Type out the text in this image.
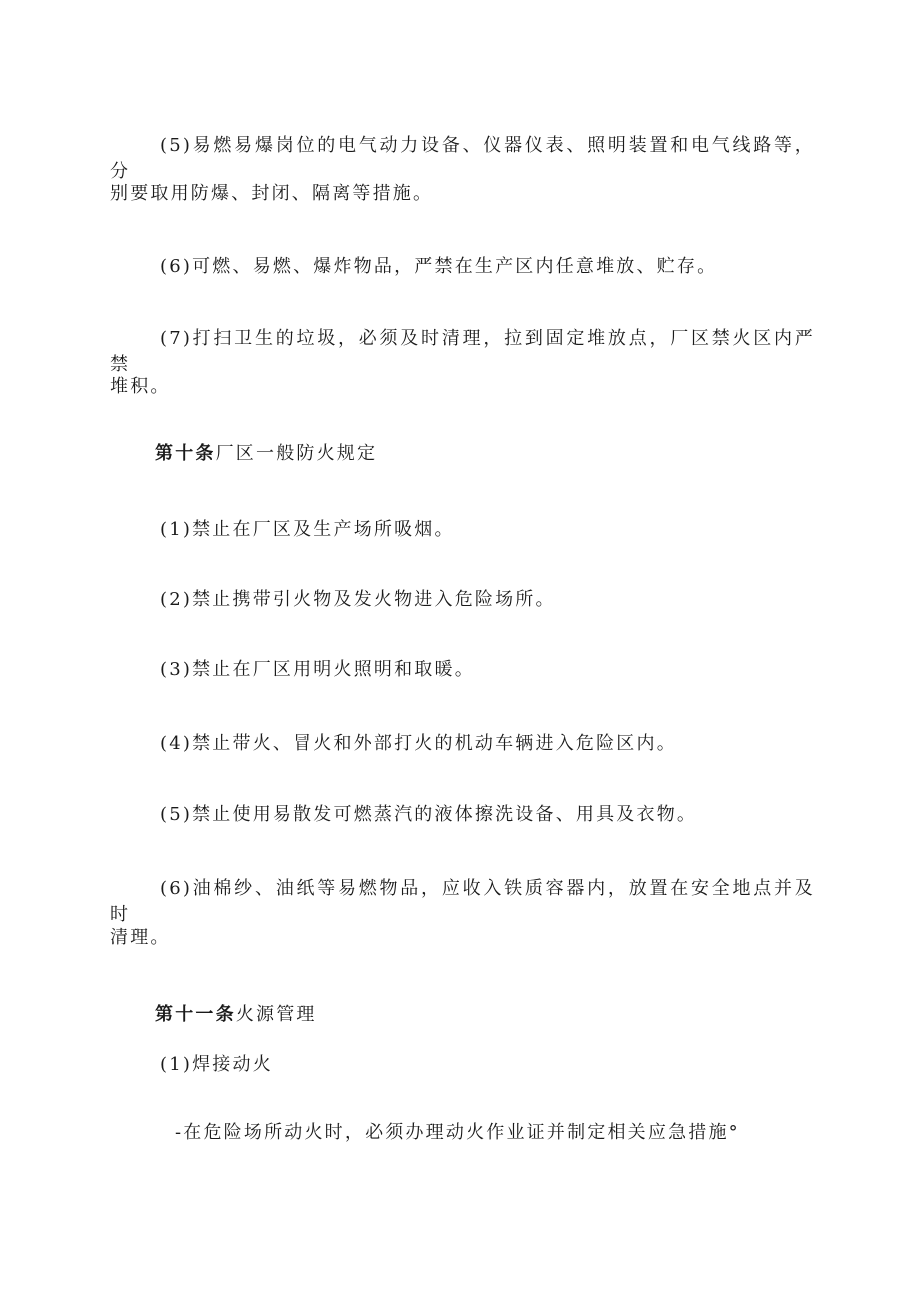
(5)易燃易爆岗位的电气动力设备、仪器仪表、照明装置和电气线路等，分
别要取用防爆、封闭、隔离等措施。
(6)可燃、易燃、爆炸物品，严禁在生产区内任意堆放、贮存。
(7)打扫卫生的垃圾，必须及时清理，拉到固定堆放点，厂区禁火区内严禁
堆积。
第十条厂区一般防火规定
(1)禁止在厂区及生产场所吸烟。
(2)禁止携带引火物及发火物进入危险场所。
(3)禁止在厂区用明火照明和取暖。
(4)禁止带火、冒火和外部打火的机动车辆进入危险区内。
(5)禁止使用易散发可燃蒸汽的液体擦洗设备、用具及衣物。
(6)油棉纱、油纸等易燃物品，应收入铁质容器内，放置在安全地点并及时
清理。
第十一条火源管理
(1)焊接动火
-在危险场所动火时，必须办理动火作业证并制定相关应急措施°
